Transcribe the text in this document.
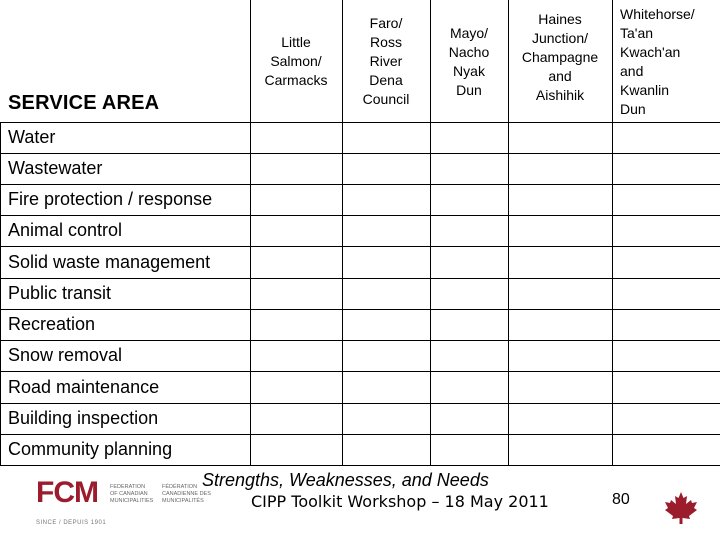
Little
Salmon/
Carmacks
Faro/
Ross
River
Dena
Council
Mayo/
Nacho
Nyak
Dun
Haines
Junction/
Champagne
and
Aishihik
Whitehorse/
Ta'an
Kwach'an
and
Kwanlin
Dun
SERVICE AREA
Water
Wastewater
Fire protection / response
Animal control
Solid waste management
Public transit
Recreation
Snow removal
Road maintenance
Building inspection
Community planning
FCM FEDERATION
OF CANADIAN
MUNICIPALITIES
FÉDÉRATION
CANADIENNE DES
MUNICIPALITÉS
SINCE / DEPUIS 1901
Strengths, Weaknesses, and Needs
CIPP Toolkit Workshop – 18 May 2011	80
